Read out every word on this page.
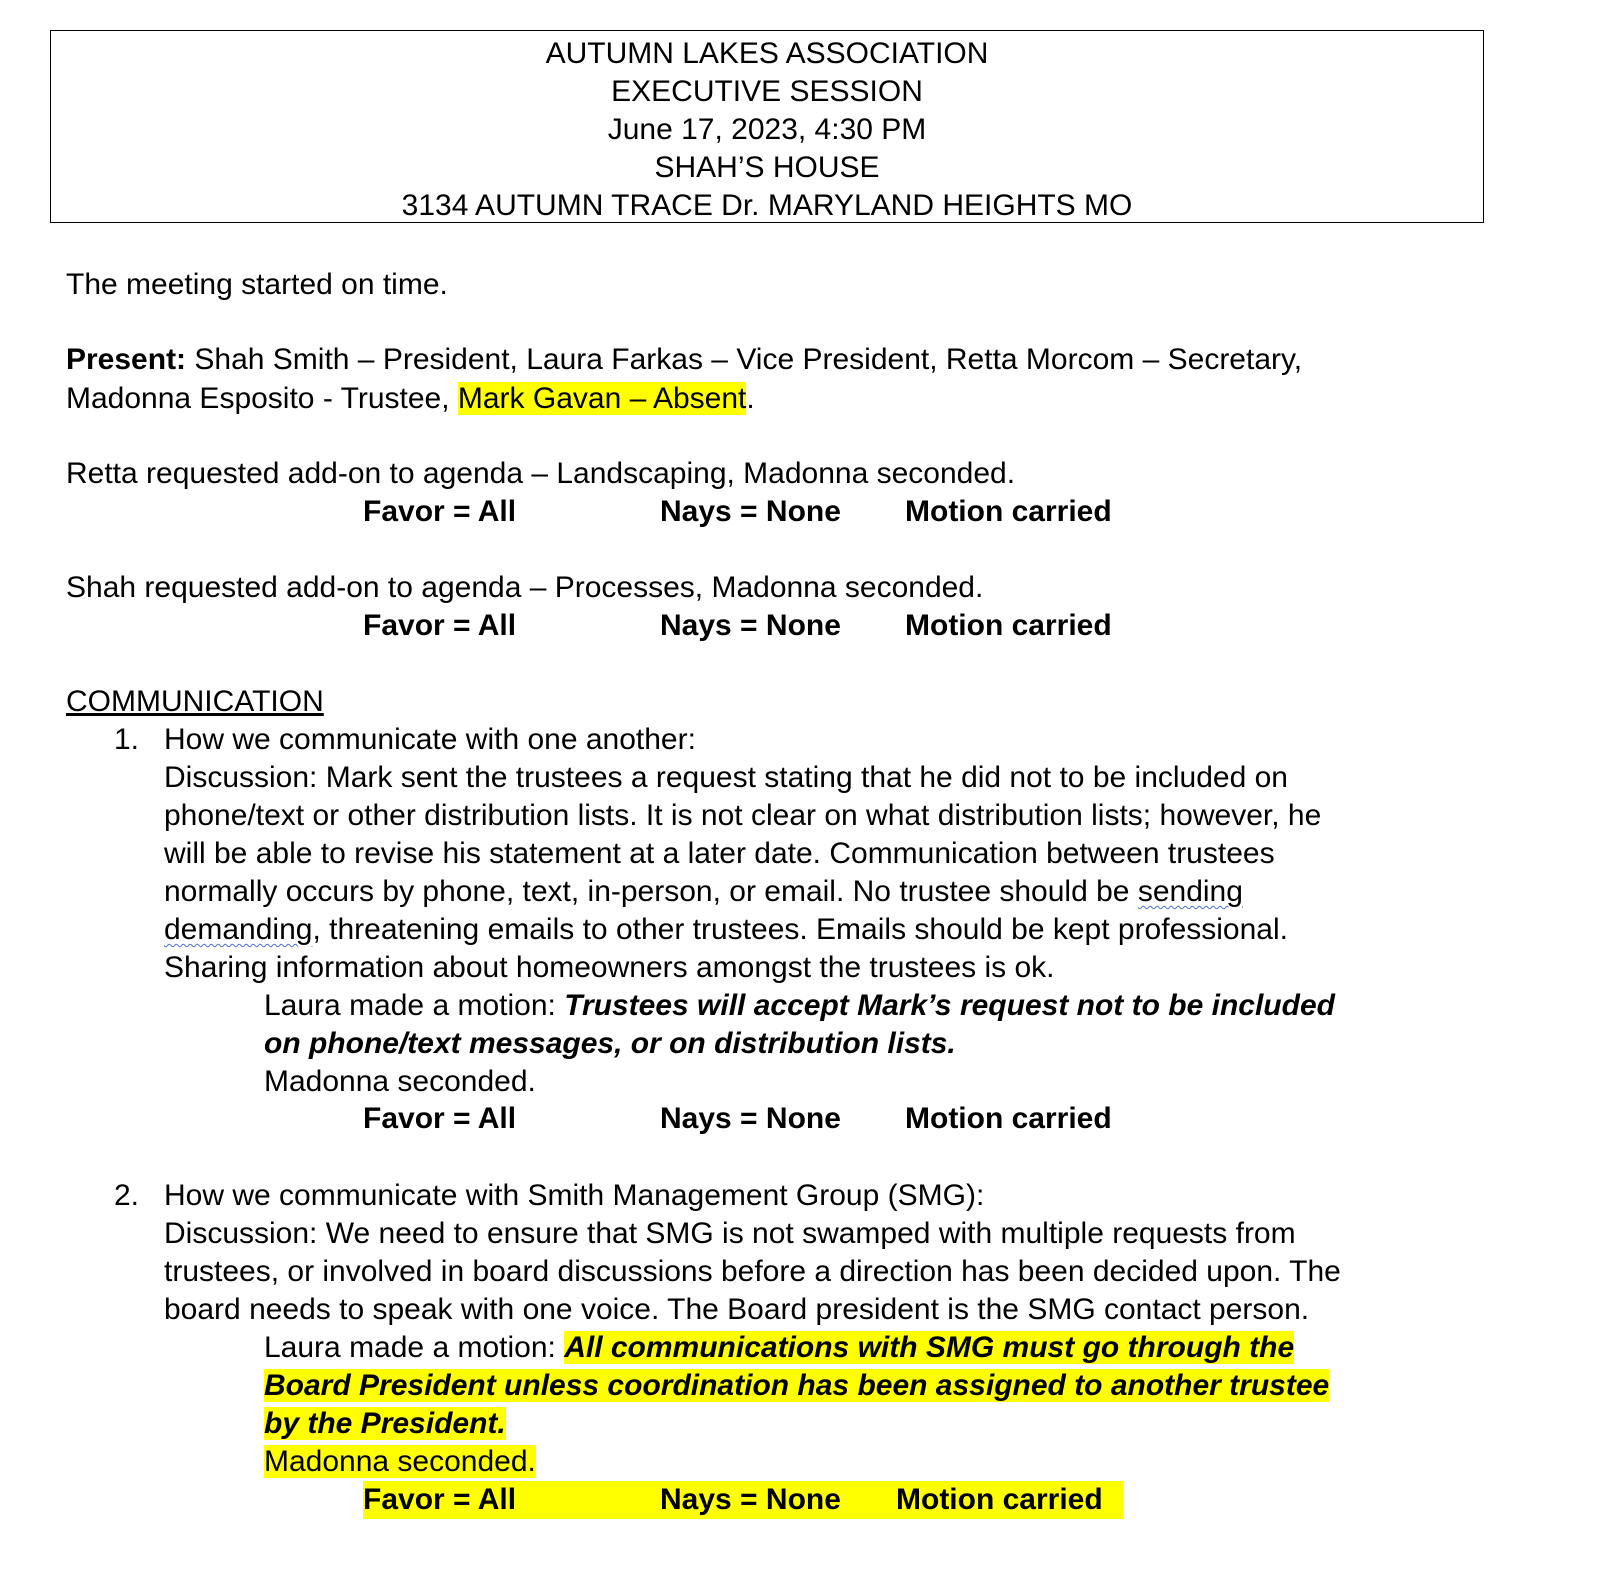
AUTUMN LAKES ASSOCIATION
EXECUTIVE SESSION
June 17, 2023, 4:30 PM
SHAH’S HOUSE
3134 AUTUMN TRACE Dr. MARYLAND HEIGHTS MO
The meeting started on time.
Present: Shah Smith – President, Laura Farkas – Vice President, Retta Morcom – Secretary,
Madonna Esposito - Trustee, Mark Gavan – Absent.
Retta requested add-on to agenda – Landscaping, Madonna seconded.
Favor = All	Nays = None Motion carried
Shah requested add-on to agenda – Processes, Madonna seconded.
Favor = All	Nays = None Motion carried
COMMUNICATION
1. How we communicate with one another:
Discussion: Mark sent the trustees a request stating that he did not to be included on
phone/text or other distribution lists. It is not clear on what distribution lists; however, he
will be able to revise his statement at a later date. Communication between trustees
normally occurs by phone, text, in-person, or email. No trustee should be sending
demanding, threatening emails to other trustees. Emails should be kept professional.
Sharing information about homeowners amongst the trustees is ok.
Laura made a motion: Trustees will accept Mark’s request not to be included
on phone/text messages, or on distribution lists.
Madonna seconded.
Favor = All	Nays = None Motion carried
2. How we communicate with Smith Management Group (SMG):
Discussion: We need to ensure that SMG is not swamped with multiple requests from
trustees, or involved in board discussions before a direction has been decided upon. The
board needs to speak with one voice. The Board president is the SMG contact person.
Laura made a motion: All communications with SMG must go through the
Board President unless coordination has been assigned to another trustee
by the President.
Madonna seconded.
Favor = All	Nays = None Motion carried
